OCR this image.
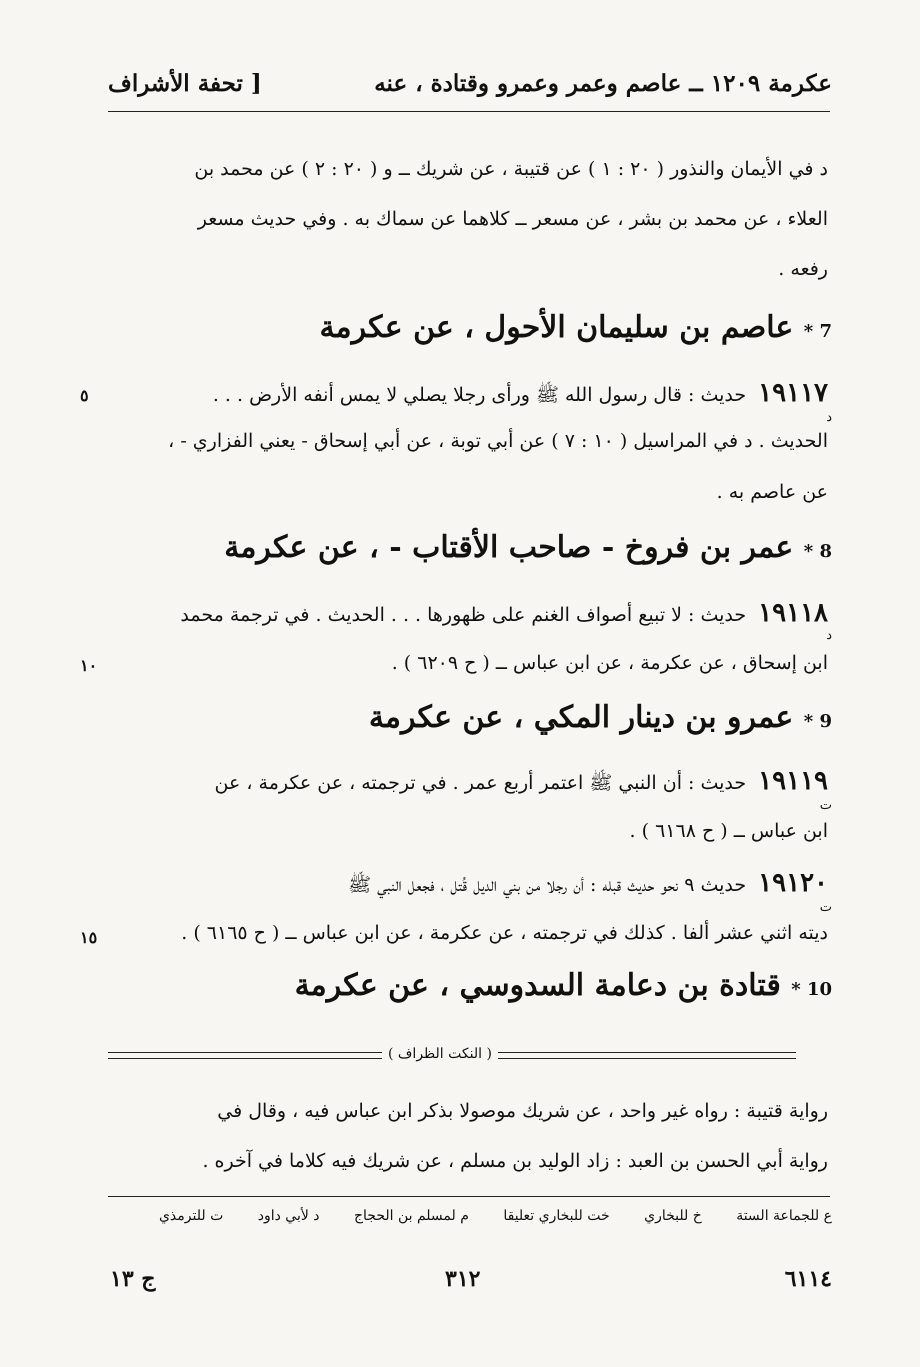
عكرمة ١٢٠٩ ــ عاصم وعمر وعمرو وقتادة ، عنه
[ تحفة الأشراف
د في الأيمان والنذور ( ٢٠ : ١ ) عن قتيبة ، عن شريك ــ و ( ٢٠ : ٢ ) عن محمد بن
العلاء ، عن محمد بن بشر ، عن مسعر ــ كلاهما عن سماك به . وفي حديث مسعر
رفعه .
7 * عاصم بن سليمان الأحول ، عن عكرمة
١٩١١٧ حديث : قال رسول الله ﷺ ورأى رجلا يصلي لا يمس أنفه الأرض . . .
د
٥
الحديث . د في المراسيل ( ١٠ : ٧ ) عن أبي توبة ، عن أبي إسحاق - يعني الفزاري - ،
عن عاصم به .
8 * عمر بن فروخ - صاحب الأقتاب - ، عن عكرمة
١٩١١٨ حديث : لا تبيع أصواف الغنم على ظهورها . . . الحديث . في ترجمة محمد
د
١٠	ابن إسحاق ، عن عكرمة ، عن ابن عباس ــ ( ح ٦٢٠٩ ) .
9 * عمرو بن دينار المكي ، عن عكرمة
١٩١١٩ حديث : أن النبي ﷺ اعتمر أربع عمر . في ترجمته ، عن عكرمة ، عن
ت
ابن عباس ــ ( ح ٦١٦٨ ) .
١٩١٢٠ حديث ٩ نحو حديث قبله : أن رجلا من بني الديل قُتل ، فجعل النبي ﷺ
ت
١٥	ديته اثني عشر ألفا . كذلك في ترجمته ، عن عكرمة ، عن ابن عباس ــ ( ح ٦١٦٥ ) .
10 * قتادة بن دعامة السدوسي ، عن عكرمة
( النكت الظراف )
رواية قتيبة : رواه غير واحد ، عن شريك موصولا بذكر ابن عباس فيه ، وقال في
رواية أبي الحسن بن العبد : زاد الوليد بن مسلم ، عن شريك فيه كلاما في آخره .
ع للجماعة الستة خ للبخاري خت للبخاري تعليقا م لمسلم بن الحجاج د لأبي داود ت للترمذي
٦١١٤
٣١٢
ج ١٣
